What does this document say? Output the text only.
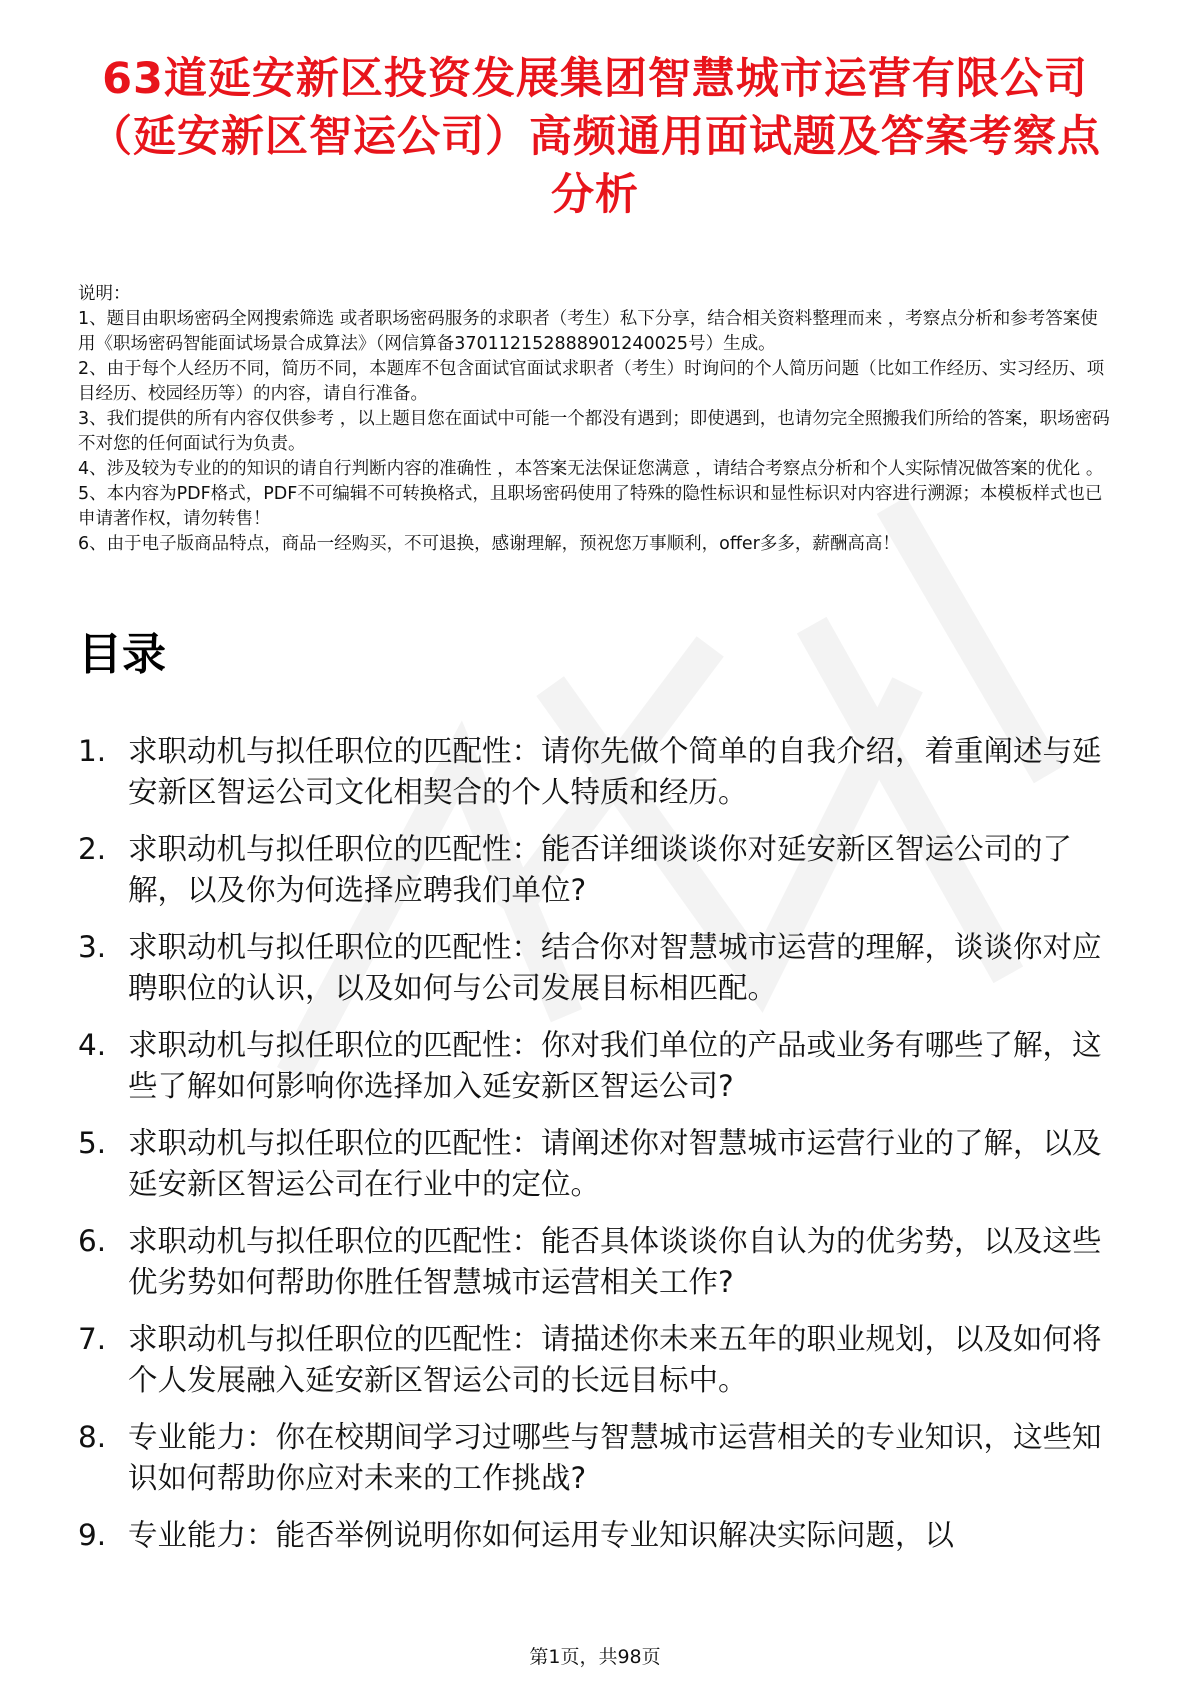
63道延安新区投资发展集团智慧城市运营有限公司（延安新区智运公司）高频通用面试题及答案考察点分析

说明：

1、题目由职场密码全网搜索筛选 或者职场密码服务的求职者（考生）私下分享，结合相关资料整理而来 ，考察点分析和参考答案使用《职场密码智能面试场景合成算法》（网信算备370112152888901240025号）生成。

2、由于每个人经历不同，简历不同，本题库不包含面试官面试求职者（考生）时询问的个人简历问题（比如工作经历、实习经历、项目经历、校园经历等）的内容，请自行准备。

3、我们提供的所有内容仅供参考 ，以上题目您在面试中可能一个都没有遇到；即使遇到，也请勿完全照搬我们所给的答案，职场密码不对您的任何面试行为负责。

4、涉及较为专业的的知识的请自行判断内容的准确性 ，本答案无法保证您满意 ，请结合考察点分析和个人实际情况做答案的优化 。

5、本内容为PDF格式，PDF不可编辑不可转换格式，且职场密码使用了特殊的隐性标识和显性标识对内容进行溯源；本模板样式也已申请著作权，请勿转售！

6、由于电子版商品特点，商品一经购买，不可退换，感谢理解，预祝您万事顺利，offer多多，薪酬高高！

目录
1. 求职动机与拟任职位的匹配性：请你先做个简单的自我介绍，着重阐述与延安新区智运公司文化相契合的个人特质和经历。
2. 求职动机与拟任职位的匹配性：能否详细谈谈你对延安新区智运公司的了解，以及你为何选择应聘我们单位?
3. 求职动机与拟任职位的匹配性：结合你对智慧城市运营的理解，谈谈你对应聘职位的认识，以及如何与公司发展目标相匹配。
4. 求职动机与拟任职位的匹配性：你对我们单位的产品或业务有哪些了解，这些了解如何影响你选择加入延安新区智运公司?
5. 求职动机与拟任职位的匹配性：请阐述你对智慧城市运营行业的了解，以及延安新区智运公司在行业中的定位。
6. 求职动机与拟任职位的匹配性：能否具体谈谈你自认为的优劣势，以及这些优劣势如何帮助你胜任智慧城市运营相关工作?
7. 求职动机与拟任职位的匹配性：请描述你未来五年的职业规划，以及如何将个人发展融入延安新区智运公司的长远目标中。
8. 专业能力：你在校期间学习过哪些与智慧城市运营相关的专业知识，这些知识如何帮助你应对未来的工作挑战?
9. 专业能力：能否举例说明你如何运用专业知识解决实际问题，以
第1页，共98页
